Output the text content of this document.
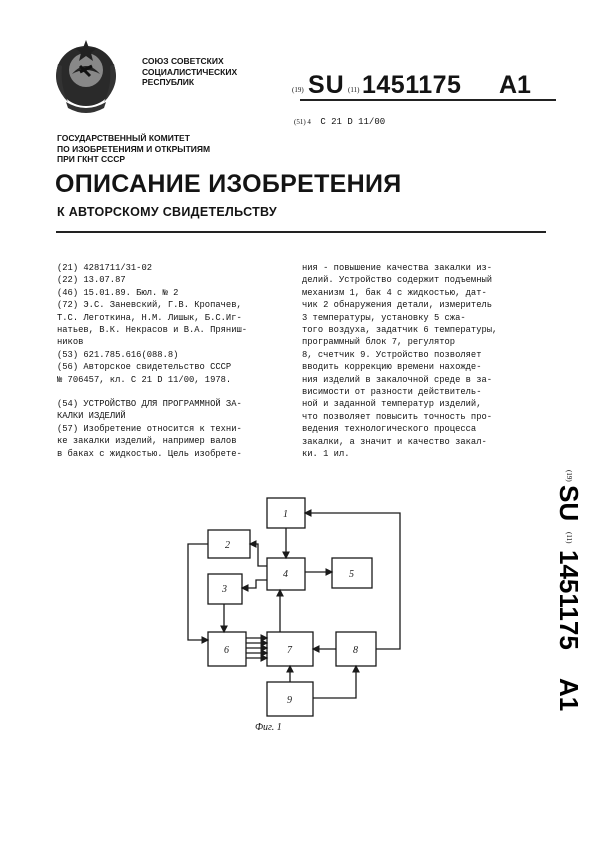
СОЮЗ СОВЕТСКИХ
СОЦИАЛИСТИЧЕСКИХ
РЕСПУБЛИК
(19) SU (11) 1451175 A1
(51) 4 C 21 D 11/00
ГОСУДАРСТВЕННЫЙ КОМИТЕТ
ПО ИЗОБРЕТЕНИЯМ И ОТКРЫТИЯМ
ПРИ ГКНТ СССР
ОПИСАНИЕ ИЗОБРЕТЕНИЯ
К АВТОРСКОМУ СВИДЕТЕЛЬСТВУ
(21) 4281711/31-02
(22) 13.07.87
(46) 15.01.89. Бюл. № 2
(72) Э.С. Заневский, Г.В. Кропачев,
Т.С. Леготкина, Н.М. Лишык, Б.С.Иг-
натьев, В.К. Некрасов и В.А. Пряниш-
ников
(53) 621.785.616(088.8)
(56) Авторское свидетельство СССР
№ 706457, кл. C 21 D 11/00, 1978.
(54) УСТРОЙСТВО ДЛЯ ПРОГРАММНОЙ ЗА-
КАЛКИ ИЗДЕЛИЙ
(57) Изобретение относится к техни-
ке закалки изделий, например валов
в баках с жидкостью. Цель изобрете-
ния - повышение качества закалки из-
делий. Устройство содержит подъемный
механизм 1, бак 4 с жидкостью, дат-
чик 2 обнаружения детали, измеритель
3 температуры, установку 5 сжа-
того воздуха, задатчик 6 температуры,
программный блок 7, регулятор
8, счетчик 9. Устройство позволяет
вводить коррекцию времени нахожде-
ния изделий в закалочной среде в за-
висимости от разности действитель-
ной и заданной температур изделий,
что позволяет повысить точность про-
ведения технологического процесса
закалки, а значит и качество закал-
ки. 1 ил.
(19)
SU
(11)
1451175
A1
1
2
3
4	5
6	7	8
9
Фиг. 1
